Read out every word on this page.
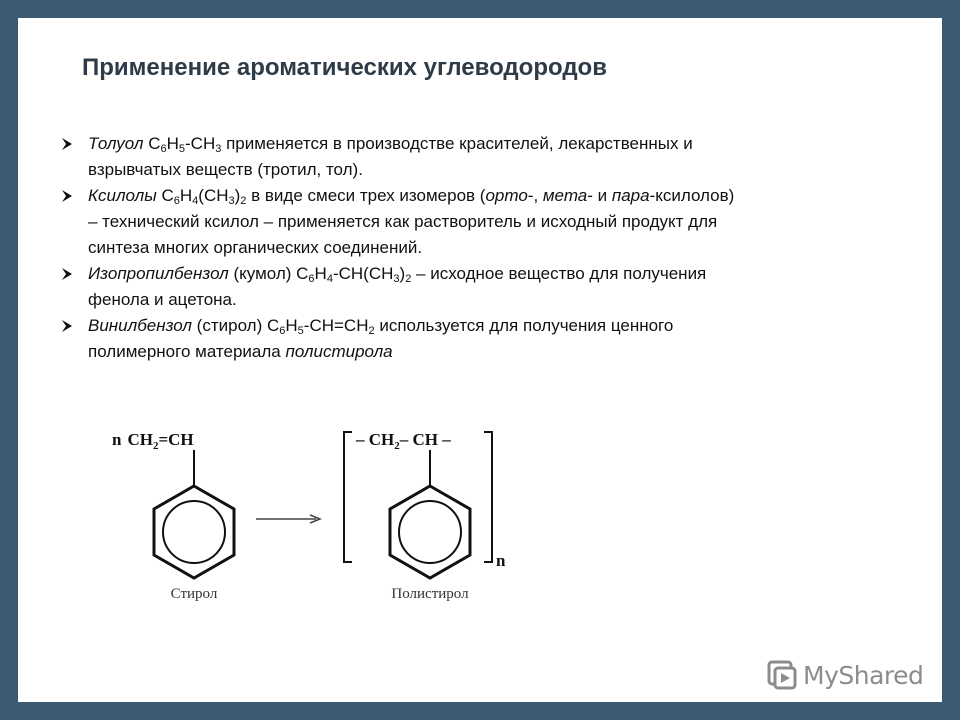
Применение ароматических углеводородов
Толуол $C_6H_5-CH_3$ применяется в производстве красителей, лекарственных и
взрывчатых веществ (тротил, тол).
Ксилолы $C_6H_4(CH_3)_2$ в виде смеси трех изомеров (орто-, мета- и пара-ксилолов)
– технический ксилол – применяется как растворитель и исходный продукт для
синтеза многих органических соединений.
Изопропилбензол (кумол) $C_6H_4-CH(CH_3)_2$ – исходное вещество для получения
фенола и ацетона.
Винилбензол (стирол) $C_6H_5-CH=CH_2$ используется для получения ценного
полимерного материала полистирола
n $CH_2=CH$
Стирол
– $CH_2-$ CH –
n
Полистирол
MyShared
